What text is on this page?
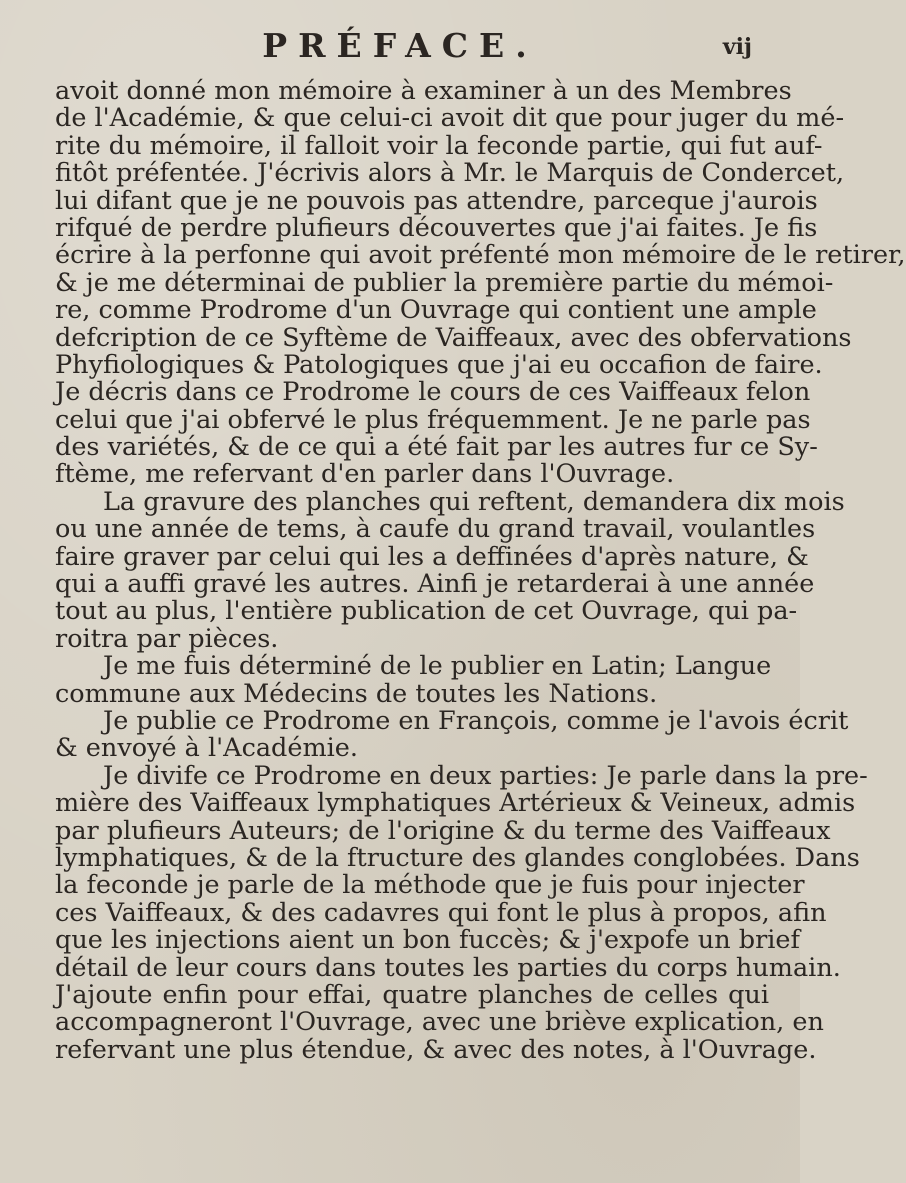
PRÉFACE.	vij
avoit donné mon mémoire à examiner à un des Membres
de l'Académie, & que celui-ci avoit dit que pour juger du mé-
rite du mémoire, il falloit voir la feconde partie, qui fut auf-
fitôt préfentée. J'écrivis alors à Mr. le Marquis de Condercet,
lui difant que je ne pouvois pas attendre, parceque j'aurois
rifqué de perdre plufieurs découvertes que j'ai faites. Je fis
écrire à la perfonne qui avoit préfenté mon mémoire de le retirer,
& je me déterminai de publier la première partie du mémoi-
re, comme Prodrome d'un Ouvrage qui contient une ample
defcription de ce Syftème de Vaiffeaux, avec des obfervations
Phyfiologiques & Patologiques que j'ai eu occafion de faire.
Je décris dans ce Prodrome le cours de ces Vaiffeaux felon
celui que j'ai obfervé le plus fréquemment. Je ne parle pas
des variétés, & de ce qui a été fait par les autres fur ce Sy-
ftème, me refervant d'en parler dans l'Ouvrage.
La gravure des planches qui reftent, demandera dix mois
ou une année de tems, à caufe du grand travail, voulantles
faire graver par celui qui les a deffinées d'après nature, &
qui a auffi gravé les autres. Ainfi je retarderai à une année
tout au plus, l'entière publication de cet Ouvrage, qui pa-
roitra par pièces.
Je me fuis déterminé de le publier en Latin; Langue
commune aux Médecins de toutes les Nations.
Je publie ce Prodrome en François, comme je l'avois écrit
& envoyé à l'Académie.
Je divife ce Prodrome en deux parties: Je parle dans la pre-
mière des Vaiffeaux lymphatiques Artérieux & Veineux, admis
par plufieurs Auteurs; de l'origine & du terme des Vaiffeaux
lymphatiques, & de la ftructure des glandes conglobées. Dans
la feconde je parle de la méthode que je fuis pour injecter
ces Vaiffeaux, & des cadavres qui font le plus à propos, afin
que les injections aient un bon fuccès; & j'expofe un brief
détail de leur cours dans toutes les parties du corps humain.
J'ajoute enfin pour effai, quatre planches de celles qui
accompagneront l'Ouvrage, avec une briève explication, en
refervant une plus étendue, & avec des notes, à l'Ouvrage.
